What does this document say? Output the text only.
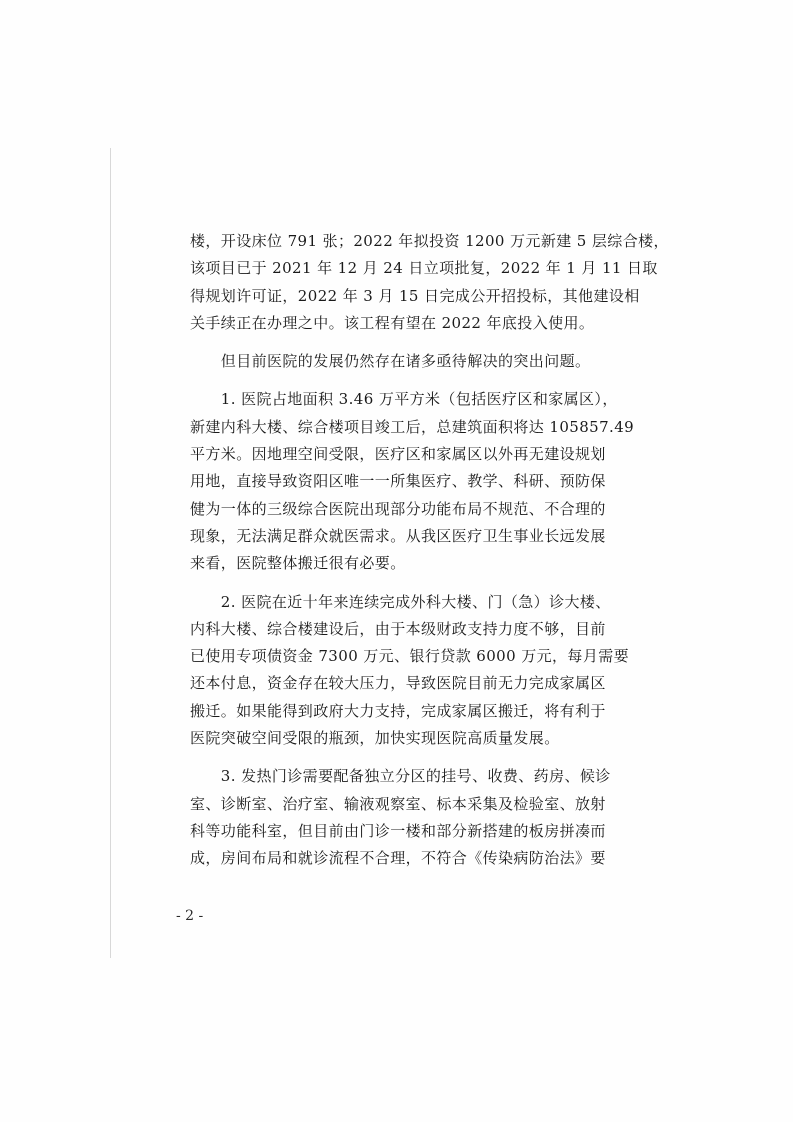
楼，开设床位 791 张；2022 年拟投资 1200 万元新建 5 层综合楼，
该项目已于 2021 年 12 月 24 日立项批复，2022 年 1 月 11 日取
得规划许可证，2022 年 3 月 15 日完成公开招投标，其他建设相
关手续正在办理之中。该工程有望在 2022 年底投入使用。
　　但目前医院的发展仍然存在诸多亟待解决的突出问题。
　　1. 医院占地面积 3.46 万平方米（包括医疗区和家属区），
新建内科大楼、综合楼项目竣工后，总建筑面积将达 105857.49
平方米。因地理空间受限，医疗区和家属区以外再无建设规划
用地，直接导致资阳区唯一一所集医疗、教学、科研、预防保
健为一体的三级综合医院出现部分功能布局不规范、不合理的
现象，无法满足群众就医需求。从我区医疗卫生事业长远发展
来看，医院整体搬迁很有必要。
　　2. 医院在近十年来连续完成外科大楼、门（急）诊大楼、
内科大楼、综合楼建设后，由于本级财政支持力度不够，目前
已使用专项债资金 7300 万元、银行贷款 6000 万元，每月需要
还本付息，资金存在较大压力，导致医院目前无力完成家属区
搬迁。如果能得到政府大力支持，完成家属区搬迁，将有利于
医院突破空间受限的瓶颈，加快实现医院高质量发展。
　　3. 发热门诊需要配备独立分区的挂号、收费、药房、候诊
室、诊断室、治疗室、输液观察室、标本采集及检验室、放射
科等功能科室，但目前由门诊一楼和部分新搭建的板房拼凑而
成，房间布局和就诊流程不合理，不符合《传染病防治法》要
- 2 -
